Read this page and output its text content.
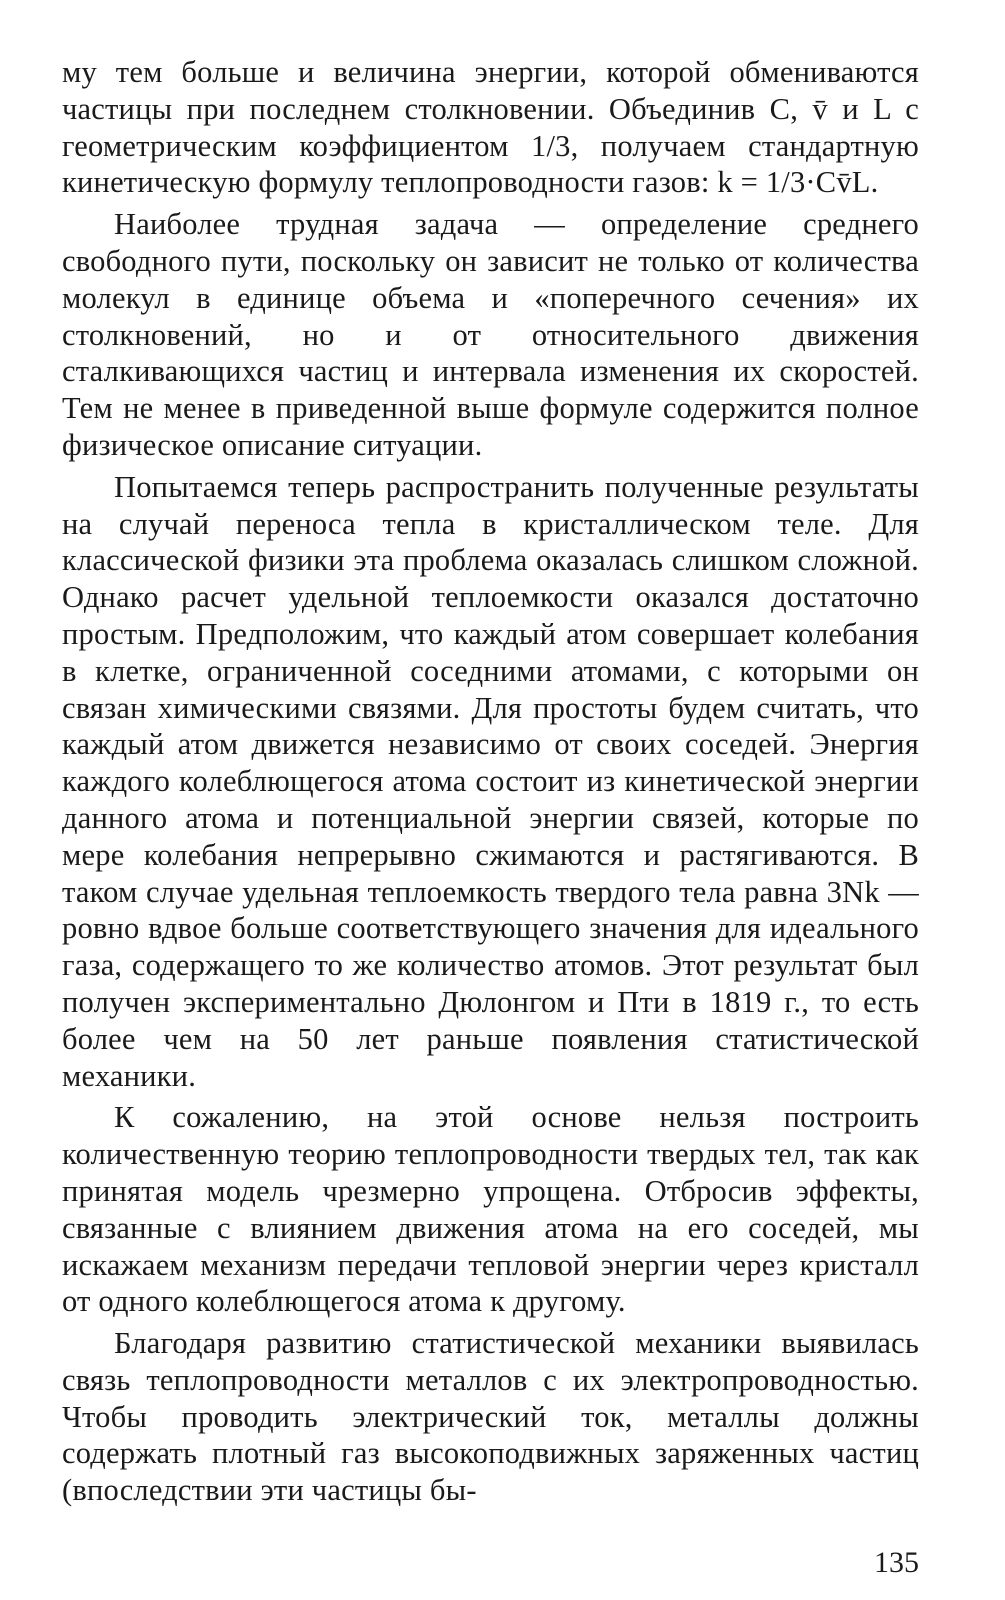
му тем больше и величина энергии, которой обмениваются частицы при последнем столкновении. Объединив C, v̄ и L с геометрическим коэффициентом 1/3, получаем стандартную кинетическую формулу теплопроводности газов: k = 1/3·Cv̄L.

Наиболее трудная задача — определение среднего свободного пути, поскольку он зависит не только от количества молекул в единице объема и «поперечного сечения» их столкновений, но и от относительного движения сталкивающихся частиц и интервала изменения их скоростей. Тем не менее в приведенной выше формуле содержится полное физическое описание ситуации.

Попытаемся теперь распространить полученные результаты на случай переноса тепла в кристаллическом теле. Для классической физики эта проблема оказалась слишком сложной. Однако расчет удельной теплоемкости оказался достаточно простым. Предположим, что каждый атом совершает колебания в клетке, ограниченной соседними атомами, с которыми он связан химическими связями. Для простоты будем считать, что каждый атом движется независимо от своих соседей. Энергия каждого колеблющегося атома состоит из кинетической энергии данного атома и потенциальной энергии связей, которые по мере колебания непрерывно сжимаются и растягиваются. В таком случае удельная теплоемкость твердого тела равна 3Nk — ровно вдвое больше соответствующего значения для идеального газа, содержащего то же количество атомов. Этот результат был получен экспериментально Дюлонгом и Пти в 1819 г., то есть более чем на 50 лет раньше появления статистической механики.

К сожалению, на этой основе нельзя построить количественную теорию теплопроводности твердых тел, так как принятая модель чрезмерно упрощена. Отбросив эффекты, связанные с влиянием движения атома на его соседей, мы искажаем механизм передачи тепловой энергии через кристалл от одного колеблющегося атома к другому.

Благодаря развитию статистической механики выявилась связь теплопроводности металлов с их электропроводностью. Чтобы проводить электрический ток, металлы должны содержать плотный газ высокоподвижных заряженных частиц (впоследствии эти частицы бы-

135
